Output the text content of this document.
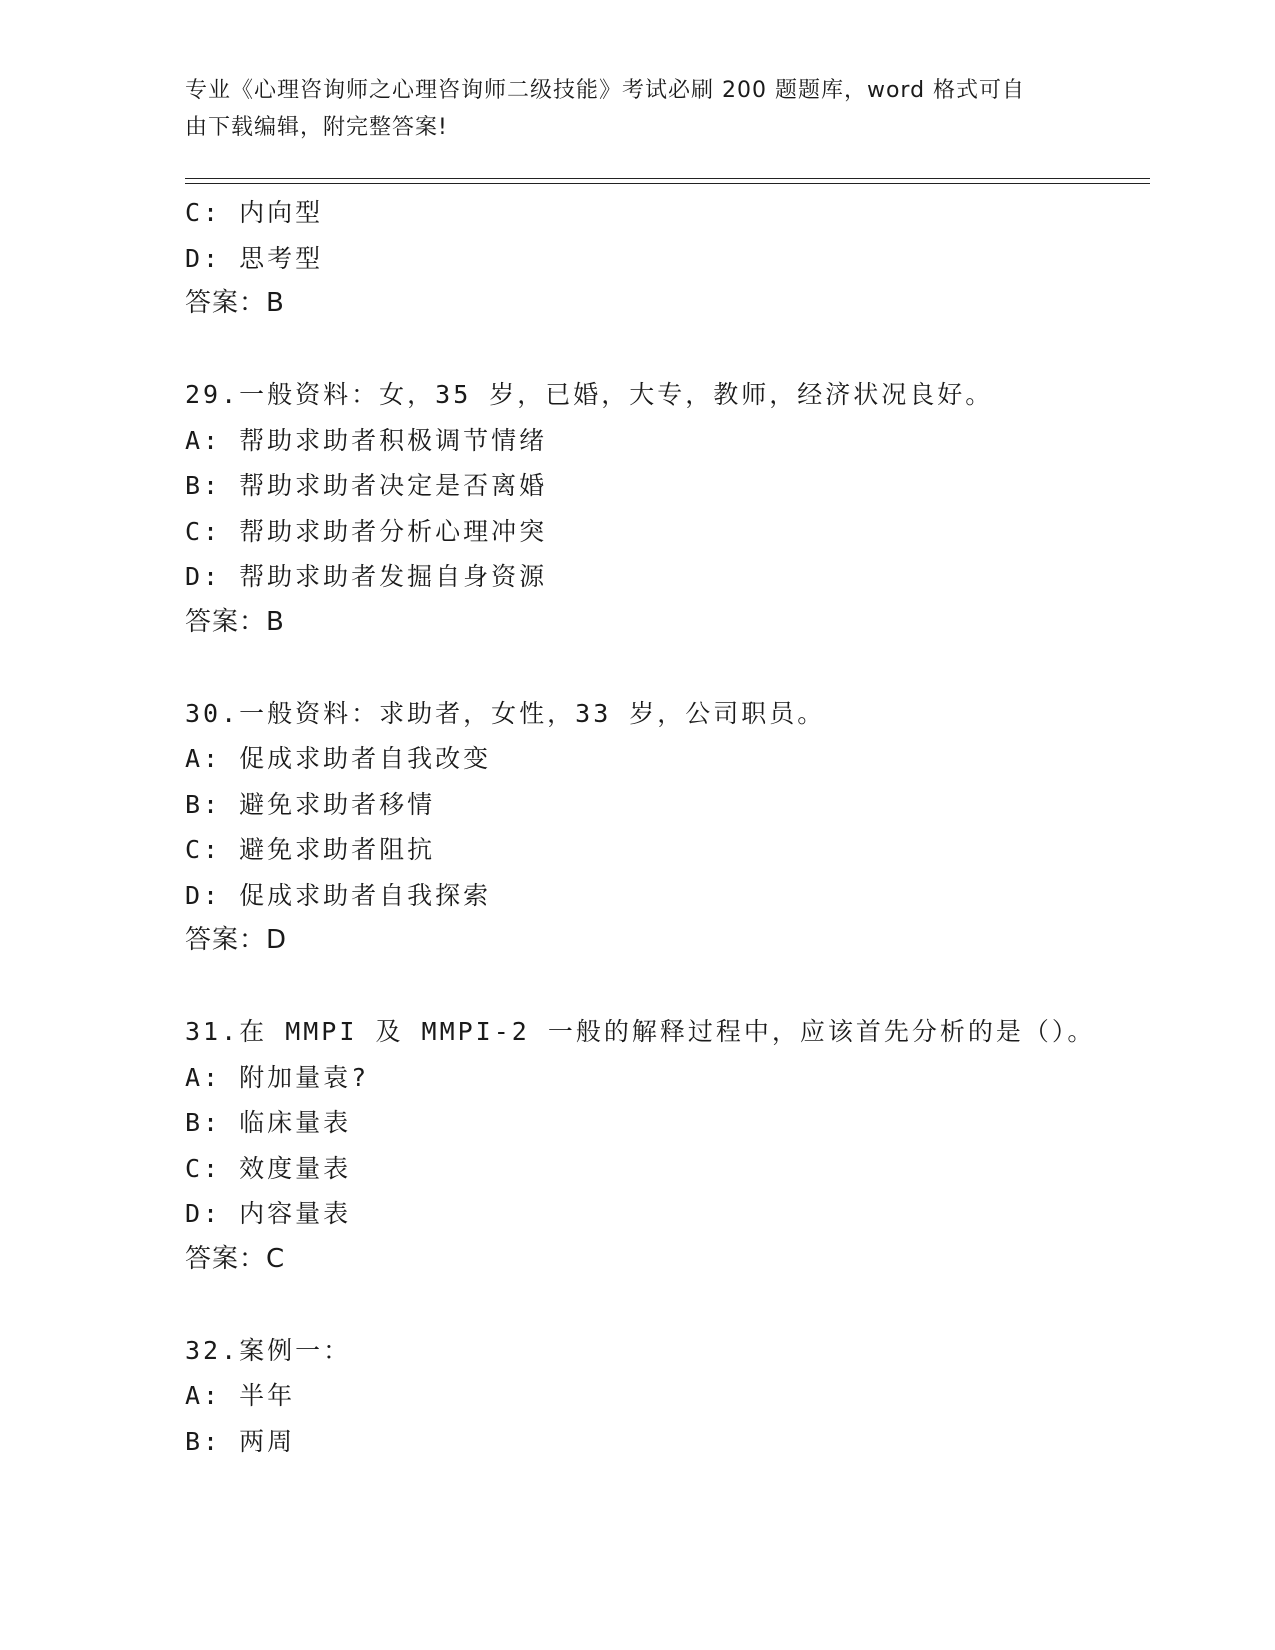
专业《心理咨询师之心理咨询师二级技能》考试必刷 200 题题库，word 格式可自
由下载编辑，附完整答案!
C: 内向型
D: 思考型
答案：B
29.一般资料：女，35 岁，已婚，大专，教师，经济状况良好。
A: 帮助求助者积极调节情绪
B: 帮助求助者决定是否离婚
C: 帮助求助者分析心理冲突
D: 帮助求助者发掘自身资源
答案：B
30.一般资料：求助者，女性，33 岁，公司职员。
A: 促成求助者自我改变
B: 避免求助者移情
C: 避免求助者阻抗
D: 促成求助者自我探索
答案：D
31.在 MMPI 及 MMPI-2 一般的解释过程中，应该首先分析的是（）。
A: 附加量袁?
B: 临床量表
C: 效度量表
D: 内容量表
答案：C
32.案例一：
A: 半年
B: 两周
